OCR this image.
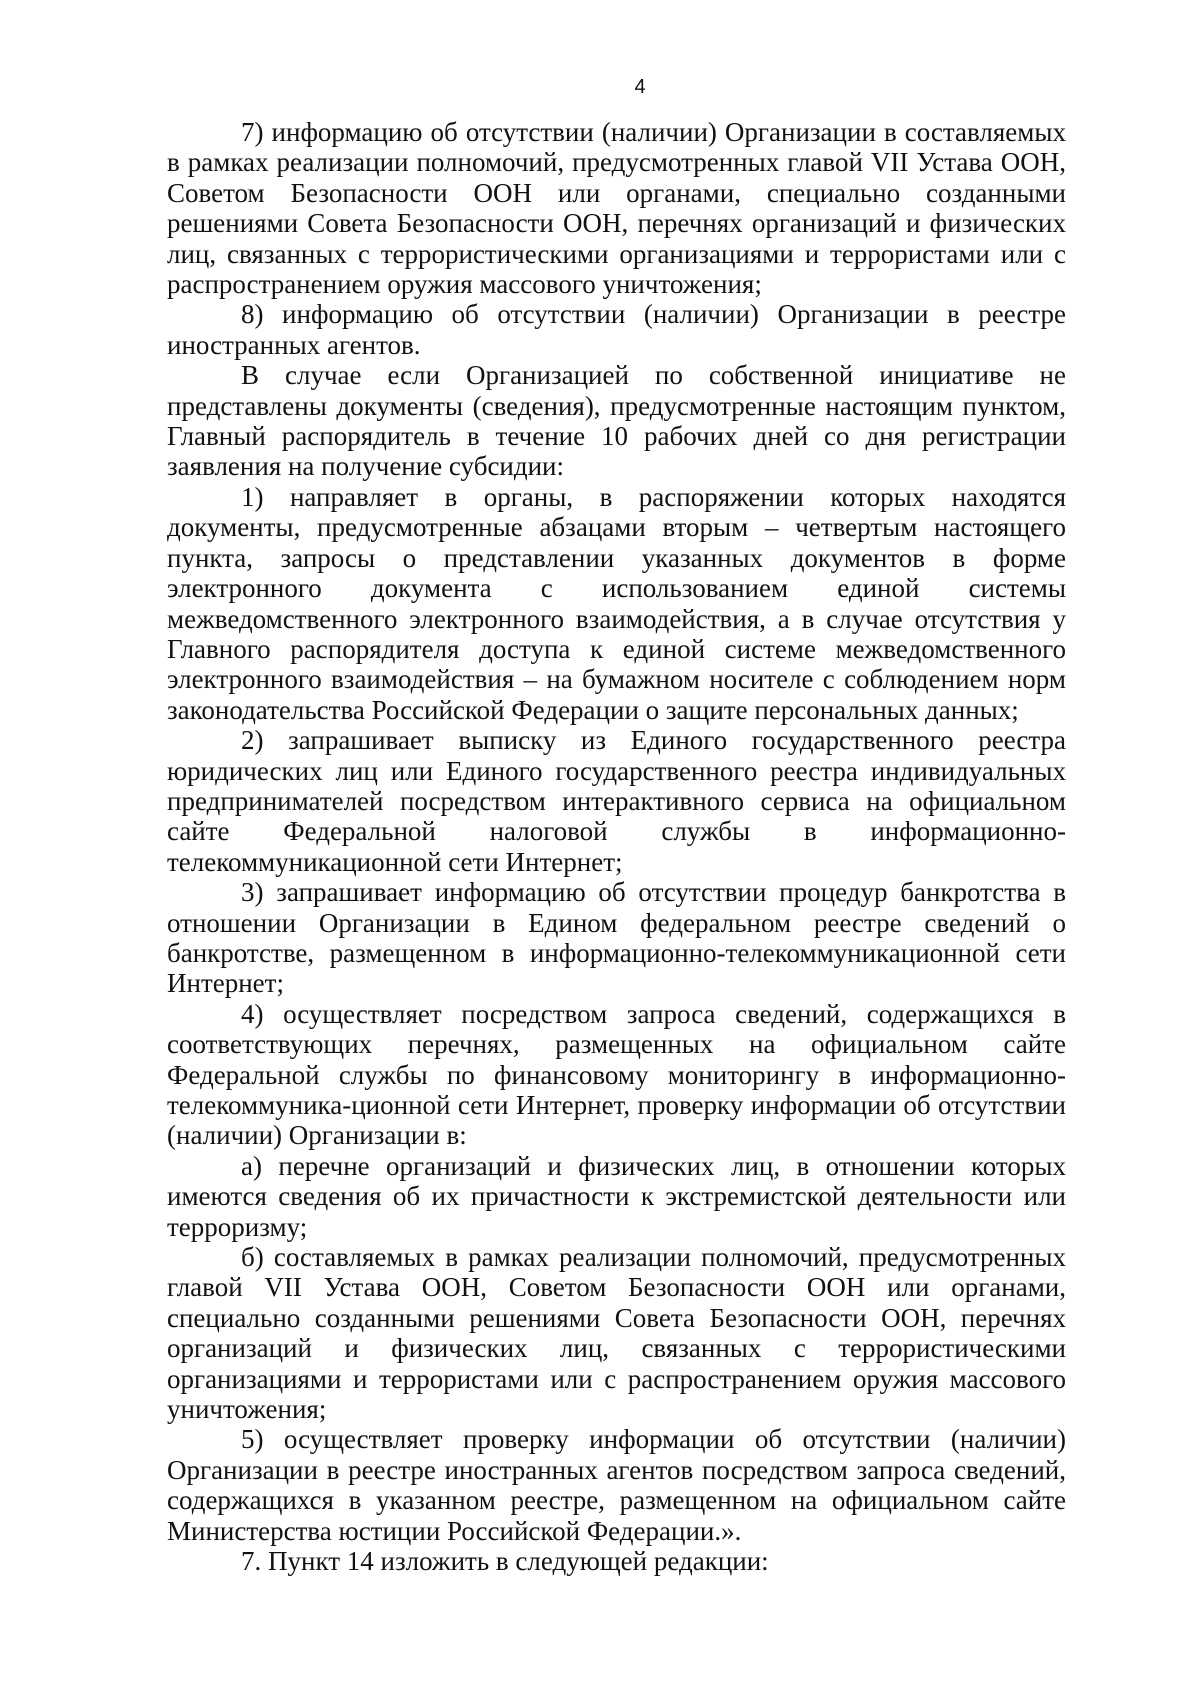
4

7) информацию об отсутствии (наличии) Организации в составляемых в рамках реализации полномочий, предусмотренных главой VII Устава ООН, Советом Безопасности ООН или органами, специально созданными решениями Совета Безопасности ООН, перечнях организаций и физических лиц, связанных с террористическими организациями и террористами или с распространением оружия массового уничтожения;

8) информацию об отсутствии (наличии) Организации в реестре иностранных агентов.

В случае если Организацией по собственной инициативе не представлены документы (сведения), предусмотренные настоящим пунктом, Главный распорядитель в течение 10 рабочих дней со дня регистрации заявления на получение субсидии:

1) направляет в органы, в распоряжении которых находятся документы, предусмотренные абзацами вторым – четвертым настоящего пункта, запросы о представлении указанных документов в форме электронного документа с использованием единой системы межведомственного электронного взаимодействия, а в случае отсутствия у Главного распорядителя доступа к единой системе межведомственного электронного взаимодействия – на бумажном носителе с соблюдением норм законодательства Российской Федерации о защите персональных данных;

2) запрашивает выписку из Единого государственного реестра юридических лиц или Единого государственного реестра индивидуальных предпринимателей посредством интерактивного сервиса на официальном сайте Федеральной налоговой службы в информационно-телекоммуникационной сети Интернет;

3) запрашивает информацию об отсутствии процедур банкротства в отношении Организации в Едином федеральном реестре сведений о банкротстве, размещенном в информационно-телекоммуникационной сети Интернет;

4) осуществляет посредством запроса сведений, содержащихся в соответствующих перечнях, размещенных на официальном сайте Федеральной службы по финансовому мониторингу в информационно-телекоммуника-ционной сети Интернет, проверку информации об отсутствии (наличии) Организации в:

а) перечне организаций и физических лиц, в отношении которых имеются сведения об их причастности к экстремистской деятельности или терроризму;

б) составляемых в рамках реализации полномочий, предусмотренных главой VII Устава ООН, Советом Безопасности ООН или органами, специально созданными решениями Совета Безопасности ООН, перечнях организаций и физических лиц, связанных с террористическими организациями и террористами или с распространением оружия массового уничтожения;

5) осуществляет проверку информации об отсутствии (наличии) Организации в реестре иностранных агентов посредством запроса сведений, содержащихся в указанном реестре, размещенном на официальном сайте Министерства юстиции Российской Федерации.».

7. Пункт 14 изложить в следующей редакции:
